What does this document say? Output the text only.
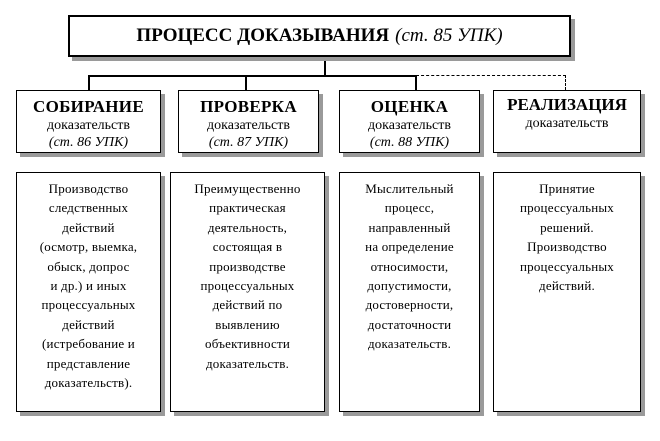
ПРОЦЕСС ДОКАЗЫВАНИЯ (ст. 85 УПК)
СОБИРАНИЕ
доказательств
(ст. 86 УПК)
ПРОВЕРКА
доказательств
(ст. 87 УПК)
ОЦЕНКА
доказательств
(ст. 88 УПК)
РЕАЛИЗАЦИЯ
доказательств
Производство
следственных
действий
(осмотр, выемка,
обыск, допрос
и др.) и иных
процессуальных
действий
(истребование и
представление
доказательств).
Преимущественно
практическая
деятельность,
состоящая в
производстве
процессуальных
действий по
выявлению
объективности
доказательств.
Мыслительный
процесс,
направленный
на определение
относимости,
допустимости,
достоверности,
достаточности
доказательств.
Принятие
процессуальных
решений.
Производство
процессуальных
действий.
